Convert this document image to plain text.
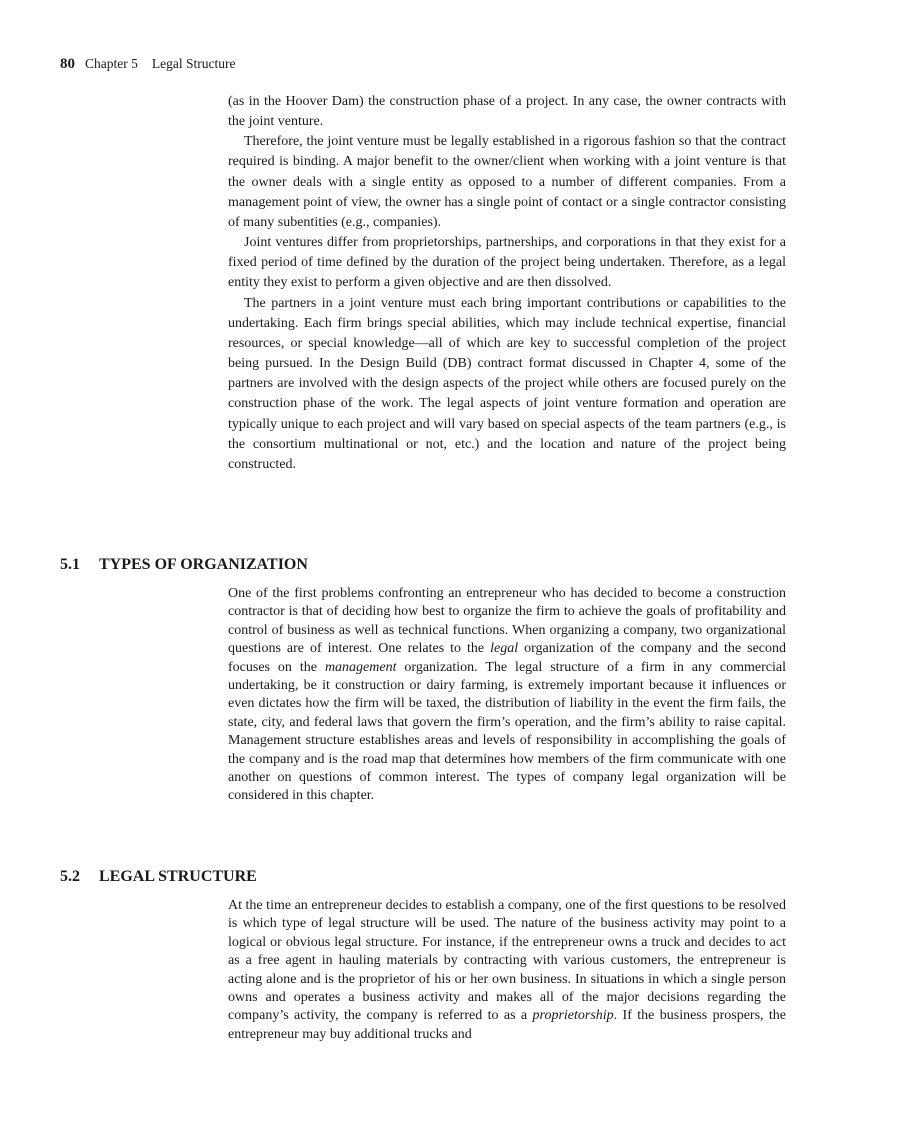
80 Chapter 5 Legal Structure

(as in the Hoover Dam) the construction phase of a project. In any case, the owner contracts with the joint venture.

Therefore, the joint venture must be legally established in a rigorous fashion so that the contract required is binding. A major benefit to the owner/client when working with a joint venture is that the owner deals with a single entity as opposed to a number of different companies. From a management point of view, the owner has a single point of contact or a single contractor consisting of many subentities (e.g., companies).

Joint ventures differ from proprietorships, partnerships, and corporations in that they exist for a fixed period of time defined by the duration of the project being undertaken. Therefore, as a legal entity they exist to perform a given objective and are then dissolved.

The partners in a joint venture must each bring important contributions or capabilities to the undertaking. Each firm brings special abilities, which may include technical expertise, financial resources, or special knowledge—all of which are key to successful completion of the project being pursued. In the Design Build (DB) contract format discussed in Chapter 4, some of the partners are involved with the design aspects of the project while others are focused purely on the construction phase of the work. The legal aspects of joint venture formation and operation are typically unique to each project and will vary based on special aspects of the team partners (e.g., is the consortium multinational or not, etc.) and the location and nature of the project being constructed.

5.1 TYPES OF ORGANIZATION

One of the first problems confronting an entrepreneur who has decided to become a construction contractor is that of deciding how best to organize the firm to achieve the goals of profitability and control of business as well as technical functions. When organizing a company, two organizational questions are of interest. One relates to the legal organization of the company and the second focuses on the management organization. The legal structure of a firm in any commercial undertaking, be it construction or dairy farming, is extremely important because it influences or even dictates how the firm will be taxed, the distribution of liability in the event the firm fails, the state, city, and federal laws that govern the firm’s operation, and the firm’s ability to raise capital. Management structure establishes areas and levels of responsibility in accomplishing the goals of the company and is the road map that determines how members of the firm communicate with one another on questions of common interest. The types of company legal organization will be considered in this chapter.

5.2 LEGAL STRUCTURE

At the time an entrepreneur decides to establish a company, one of the first questions to be resolved is which type of legal structure will be used. The nature of the business activity may point to a logical or obvious legal structure. For instance, if the entrepreneur owns a truck and decides to act as a free agent in hauling materials by contracting with various customers, the entrepreneur is acting alone and is the proprietor of his or her own business. In situations in which a single person owns and operates a business activity and makes all of the major decisions regarding the company’s activity, the company is referred to as a proprietorship. If the business prospers, the entrepreneur may buy additional trucks and
